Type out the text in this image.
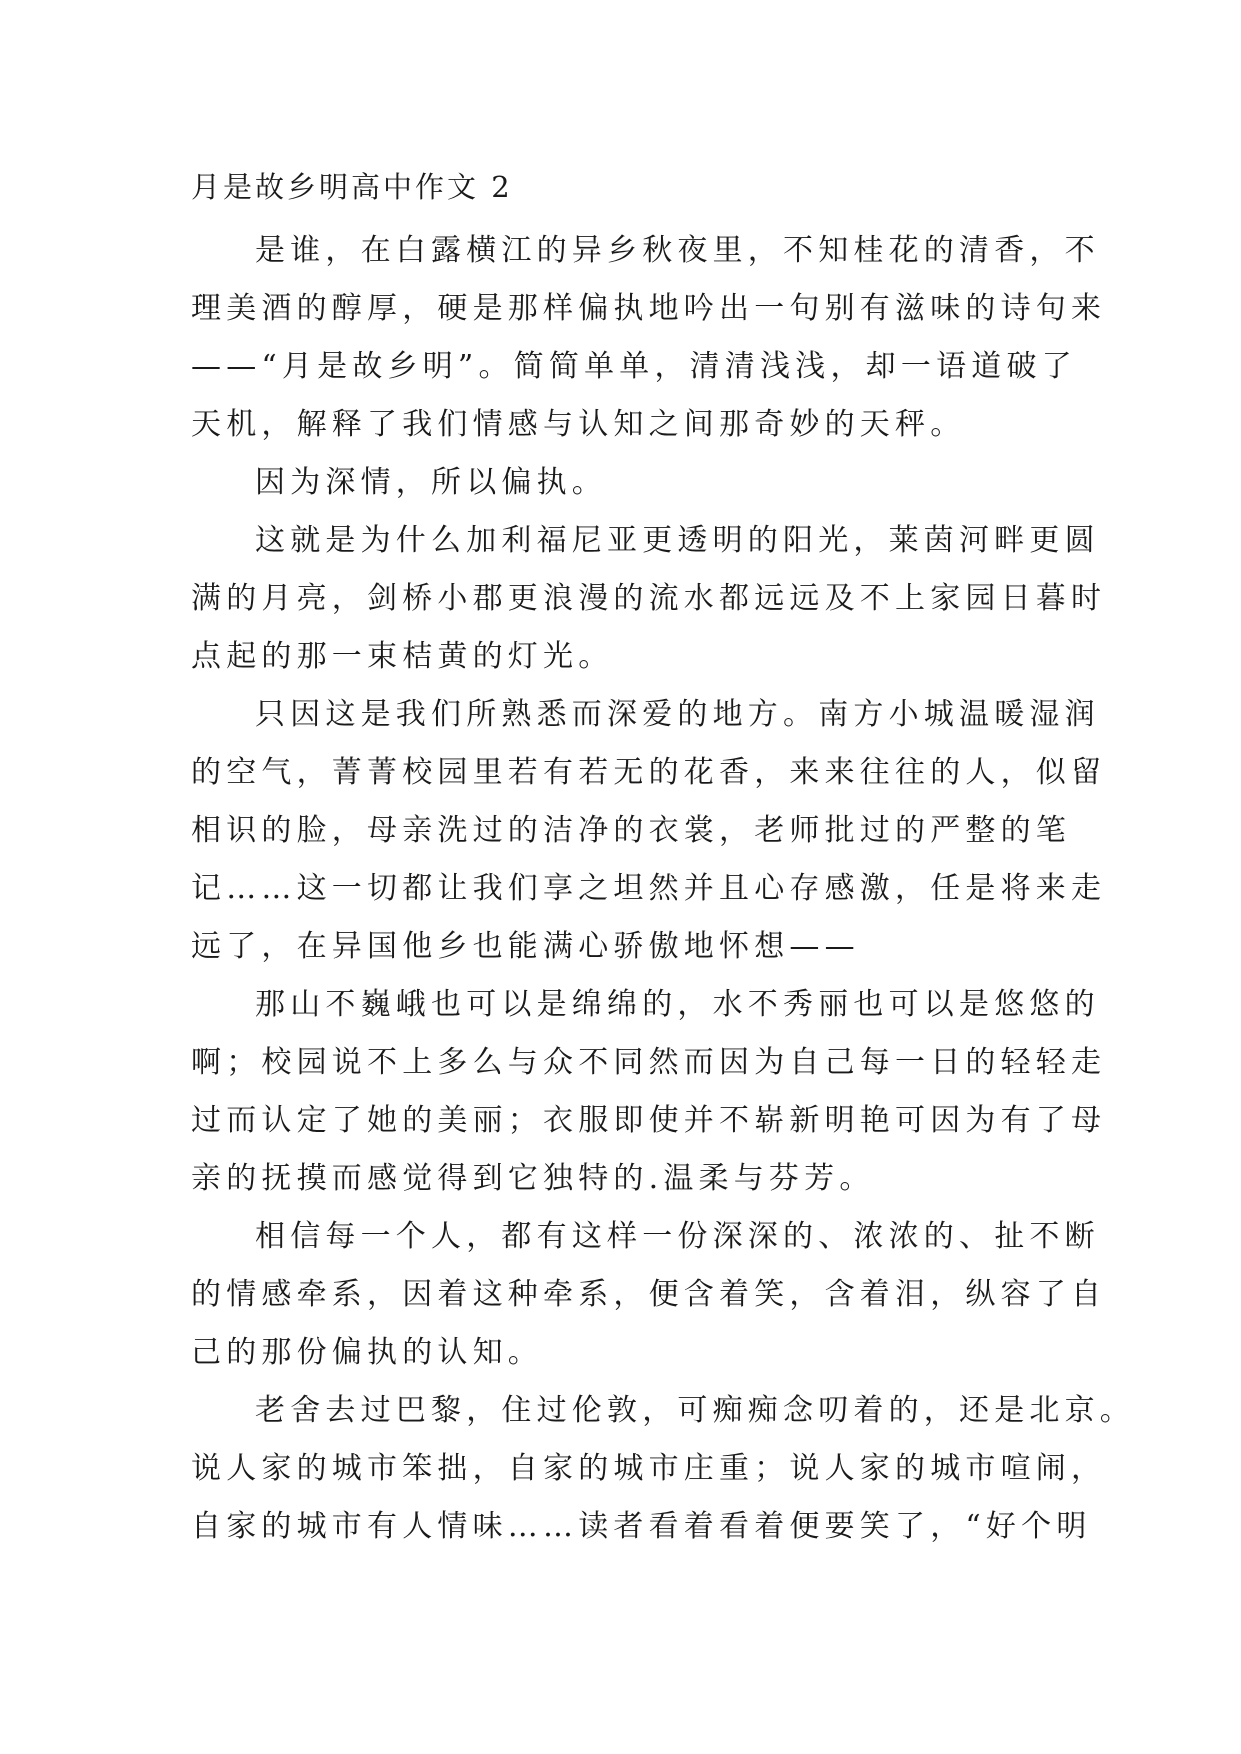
月是故乡明高中作文 2
是谁，在白露横江的异乡秋夜里，不知桂花的清香，不
理美酒的醇厚，硬是那样偏执地吟出一句别有滋味的诗句来
——“月是故乡明”。简简单单，清清浅浅，却一语道破了
天机，解释了我们情感与认知之间那奇妙的天秤。
因为深情，所以偏执。
这就是为什么加利福尼亚更透明的阳光，莱茵河畔更圆
满的月亮，剑桥小郡更浪漫的流水都远远及不上家园日暮时
点起的那一束桔黄的灯光。
只因这是我们所熟悉而深爱的地方。南方小城温暖湿润
的空气，菁菁校园里若有若无的花香，来来往往的人，似留
相识的脸，母亲洗过的洁净的衣裳，老师批过的严整的笔
记……这一切都让我们享之坦然并且心存感激，任是将来走
远了，在异国他乡也能满心骄傲地怀想——
那山不巍峨也可以是绵绵的，水不秀丽也可以是悠悠的
啊；校园说不上多么与众不同然而因为自己每一日的轻轻走
过而认定了她的美丽；衣服即使并不崭新明艳可因为有了母
亲的抚摸而感觉得到它独特的.温柔与芬芳。
相信每一个人，都有这样一份深深的、浓浓的、扯不断
的情感牵系，因着这种牵系，便含着笑，含着泪，纵容了自
己的那份偏执的认知。
老舍去过巴黎，住过伦敦，可痴痴念叨着的，还是北京。
说人家的城市笨拙，自家的城市庄重；说人家的城市喧闹，
自家的城市有人情味……读者看着看着便要笑了，“好个明
